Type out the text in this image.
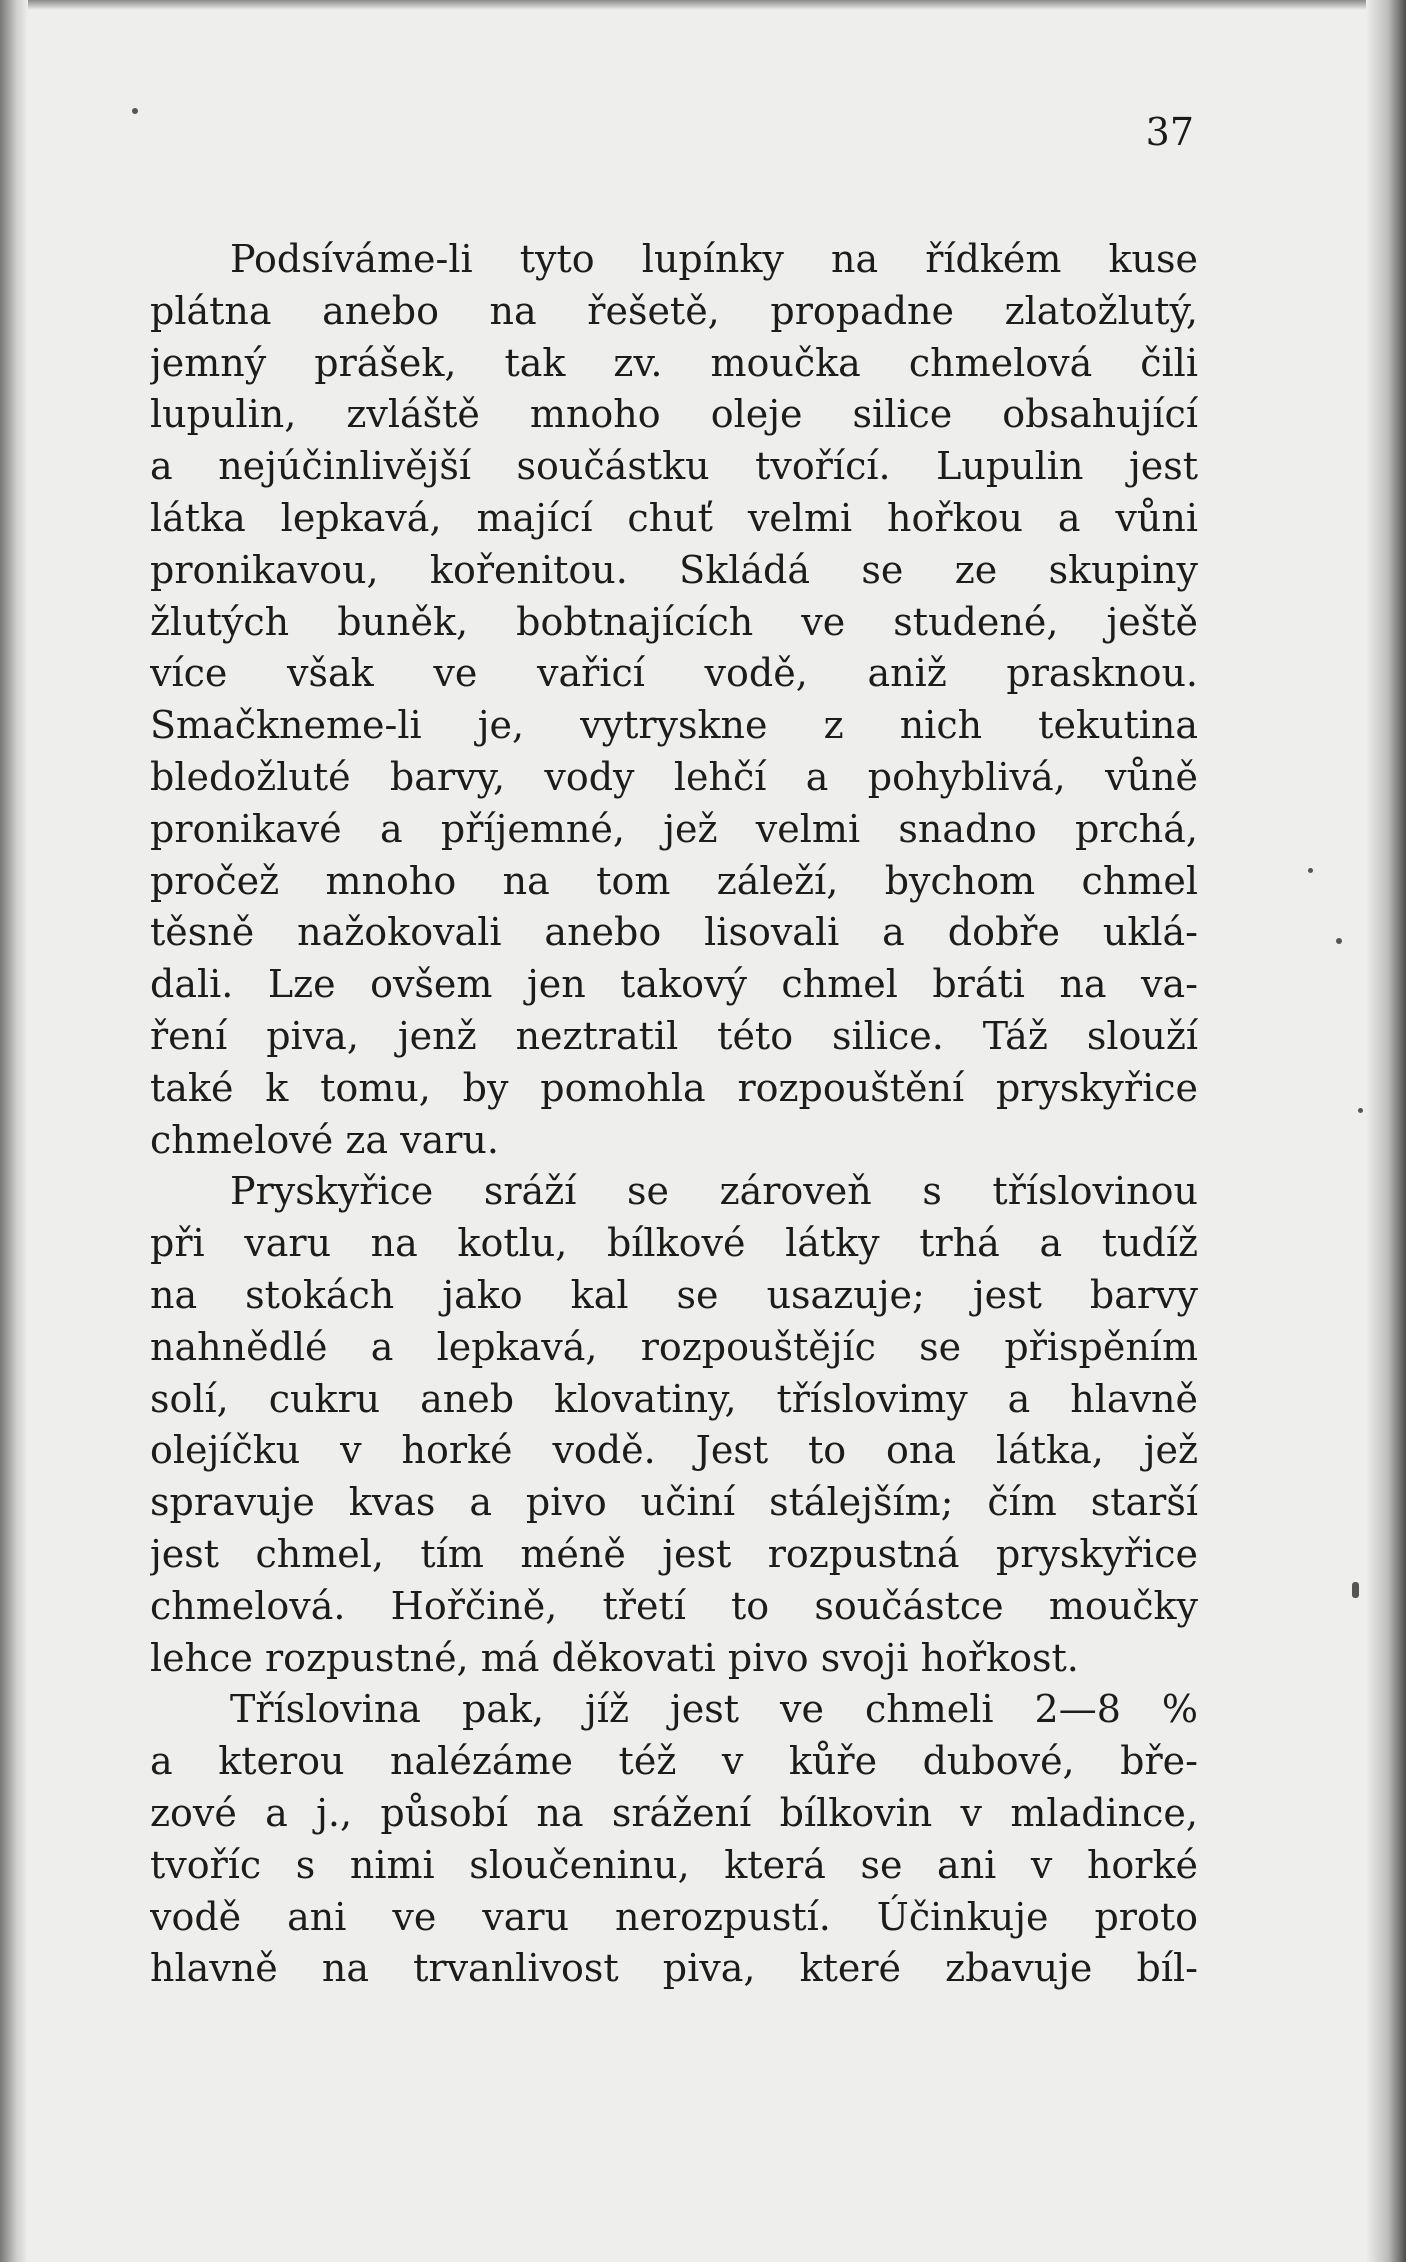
37
Podsíváme-li tyto lupínky na řídkém kuse
plátna anebo na řešetě, propadne zlatožlutý,
jemný prášek, tak zv. moučka chmelová čili
lupulin, zvláště mnoho oleje silice obsahující
a nejúčinlivější součástku tvořící. Lupulin jest
látka lepkavá, mající chuť velmi hořkou a vůni
pronikavou, kořenitou. Skládá se ze skupiny
žlutých buněk, bobtnajících ve studené, ještě
více však ve vařicí vodě, aniž prasknou.
Smačkneme-li je, vytryskne z nich tekutina
bledožluté barvy, vody lehčí a pohyblivá, vůně
pronikavé a příjemné, jež velmi snadno prchá,
pročež mnoho na tom záleží, bychom chmel
těsně nažokovali anebo lisovali a dobře uklá-
dali. Lze ovšem jen takový chmel bráti na va-
ření piva, jenž neztratil této silice. Táž slouží
také k tomu, by pomohla rozpouštění pryskyřice
chmelové za varu.
Pryskyřice sráží se zároveň s tříslovinou
při varu na kotlu, bílkové látky trhá a tudíž
na stokách jako kal se usazuje; jest barvy
nahnědlé a lepkavá, rozpouštějíc se přispěním
solí, cukru aneb klovatiny, tříslovimy a hlavně
olejíčku v horké vodě. Jest to ona látka, jež
spravuje kvas a pivo učiní stálejším; čím starší
jest chmel, tím méně jest rozpustná pryskyřice
chmelová. Hořčině, třetí to součástce moučky
lehce rozpustné, má děkovati pivo svoji hořkost.
Tříslovina pak, jíž jest ve chmeli 2—8 %
a kterou nalézáme též v kůře dubové, bře-
zové a j., působí na srážení bílkovin v mladince,
tvoříc s nimi sloučeninu, která se ani v horké
vodě ani ve varu nerozpustí. Účinkuje proto
hlavně na trvanlivost piva, které zbavuje bíl-
